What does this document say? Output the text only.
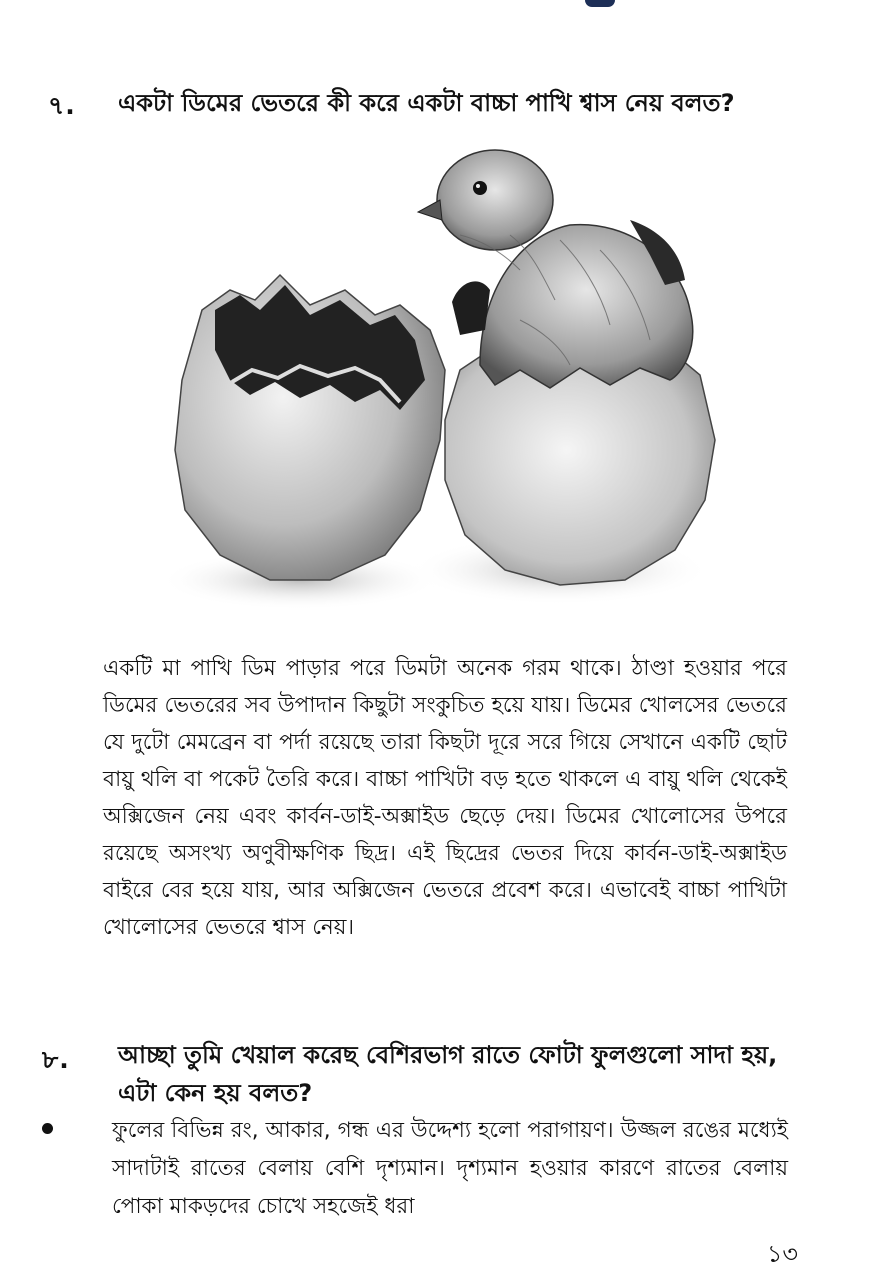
৭. একটা ডিমের ভেতরে কী করে একটা বাচ্চা পাখি শ্বাস নেয় বলত?
একটি মা পাখি ডিম পাড়ার পরে ডিমটা অনেক গরম থাকে। ঠাণ্ডা হওয়ার পরে ডিমের ভেতরের সব উপাদান কিছুটা সংকুচিত হয়ে যায়। ডিমের খোলসের ভেতরে যে দুটো মেমব্রেন বা পর্দা রয়েছে তারা কিছটা দূরে সরে গিয়ে সেখানে একটি ছোট বায়ু থলি বা পকেট তৈরি করে। বাচ্চা পাখিটা বড় হতে থাকলে এ বায়ু থলি থেকেই অক্সিজেন নেয় এবং কার্বন-ডাই-অক্সাইড ছেড়ে দেয়। ডিমের খোলোসের উপরে রয়েছে অসংখ্য অণুবীক্ষণিক ছিদ্র। এই ছিদ্রের ভেতর দিয়ে কার্বন-ডাই-অক্সাইড বাইরে বের হয়ে যায়, আর অক্সিজেন ভেতরে প্রবেশ করে। এভাবেই বাচ্চা পাখিটা খোলোসের ভেতরে শ্বাস নেয়।
৮. আচ্ছা তুমি খেয়াল করেছ বেশিরভাগ রাতে ফোটা ফুলগুলো সাদা হয়, এটা কেন হয় বলত?
ফুলের বিভিন্ন রং, আকার, গন্ধ এর উদ্দেশ্য হলো পরাগায়ণ। উজ্জল রঙের মধ্যেই সাদাটাই রাতের বেলায় বেশি দৃশ্যমান। দৃশ্যমান হওয়ার কারণে রাতের বেলায় পোকা মাকড়দের চোখে সহজেই ধরা
১৩
